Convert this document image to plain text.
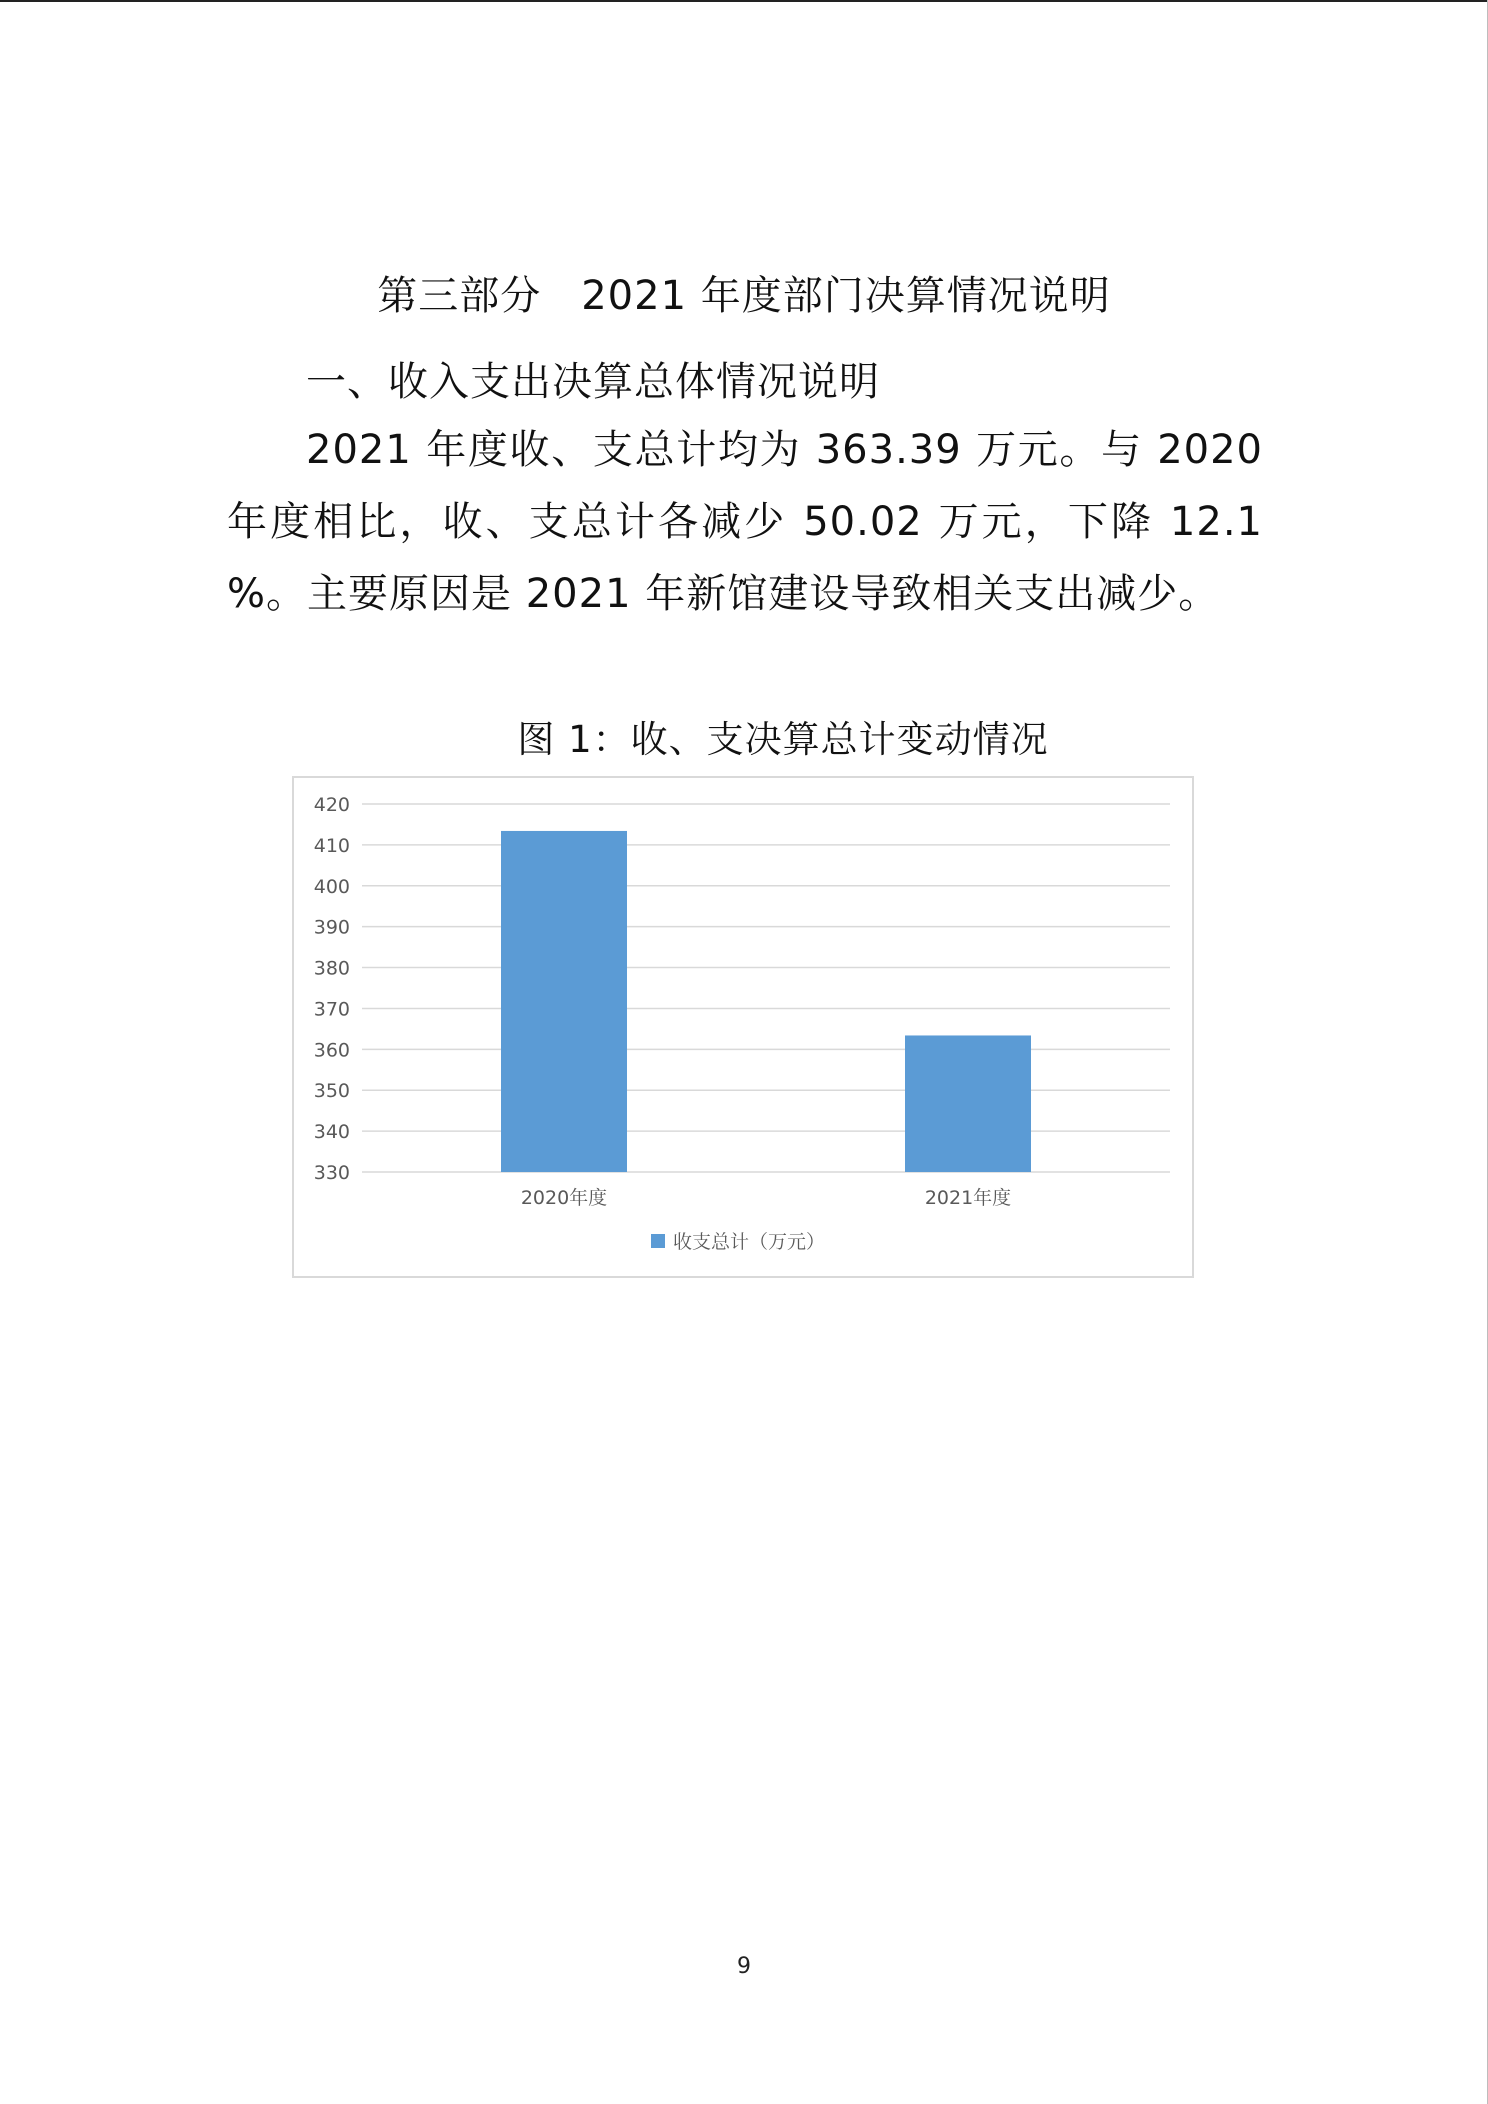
第三部分 2021 年度部门决算情况说明
一、收入支出决算总体情况说明

2021 年度收、支总计均为 363.39 万元。与 2020 年度相比，收、支总计各减少 50.02 万元，下降 12.1 %。主要原因是 2021 年新馆建设导致相关支出减少。

图 1：收、支决算总计变动情况
330
340
350
360
370
380
390
400
410
420
2020年度	2021年度
收支总计（万元）
9
